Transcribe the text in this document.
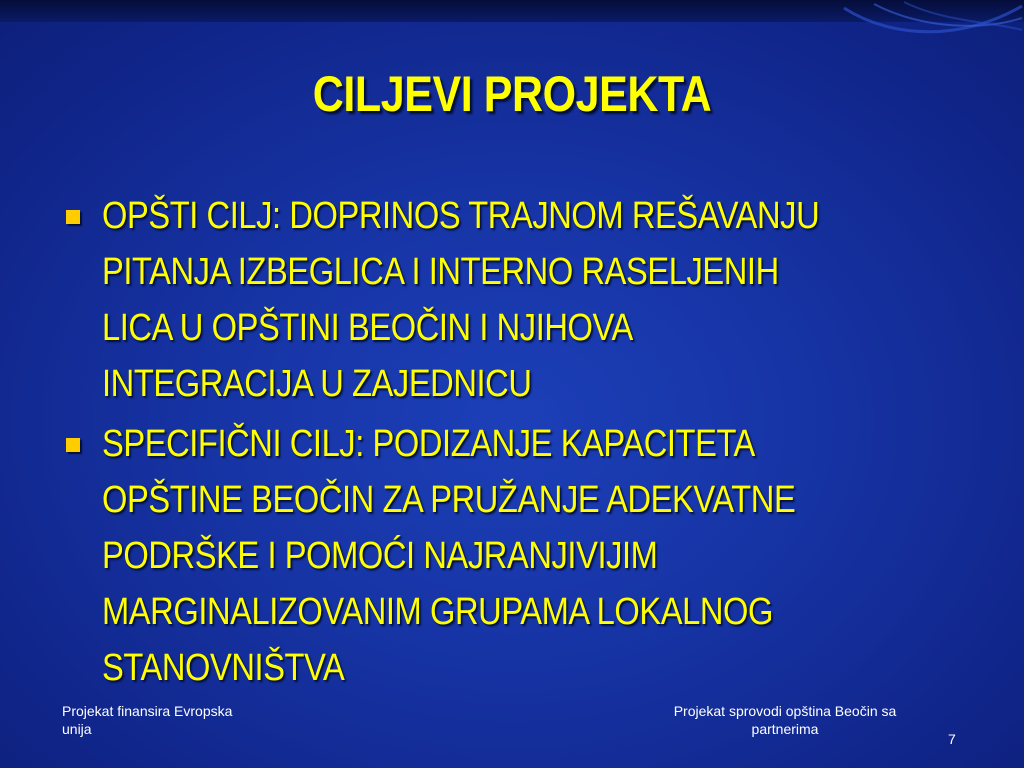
CILJEVI PROJEKTA
OPŠTI CILJ: DOPRINOS TRAJNOM REŠAVANJU
PITANJA IZBEGLICA I INTERNO RASELJENIH
LICA U OPŠTINI BEOČIN I NJIHOVA
INTEGRACIJA U ZAJEDNICU
SPECIFIČNI CILJ: PODIZANJE KAPACITETA
OPŠTINE BEOČIN ZA PRUŽANJE ADEKVATNE
PODRŠKE I POMOĆI NAJRANJIVIJIM
MARGINALIZOVANIM GRUPAMA LOKALNOG
STANOVNIŠTVA
Projekat finansira Evropska
unija
Projekat sprovodi opština Beočin sa
partnerima
7
